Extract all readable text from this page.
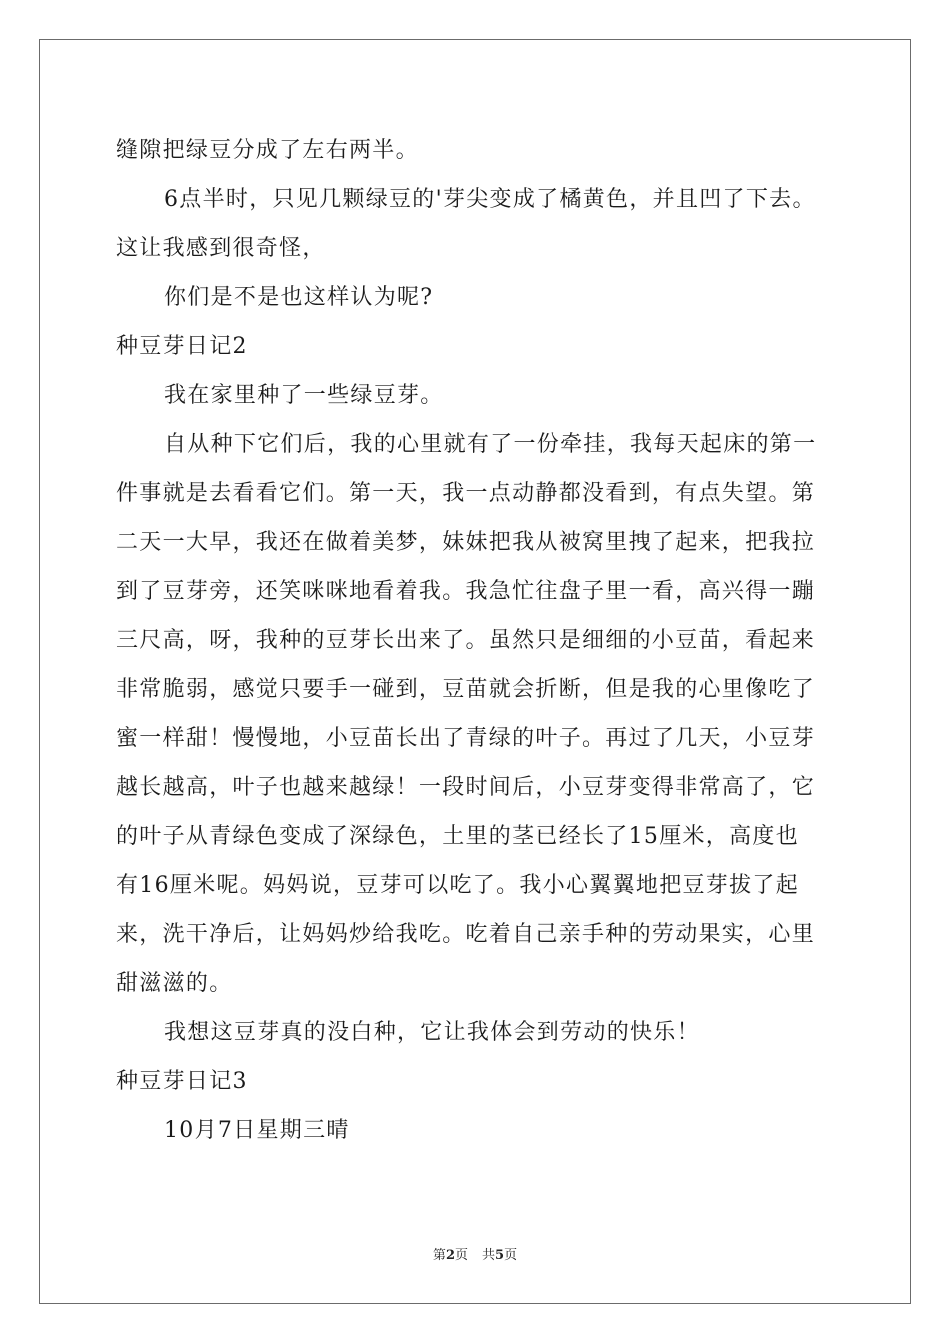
缝隙把绿豆分成了左右两半。
6点半时，只见几颗绿豆的'芽尖变成了橘黄色，并且凹了下去。
这让我感到很奇怪，
你们是不是也这样认为呢?
种豆芽日记2
我在家里种了一些绿豆芽。
自从种下它们后，我的心里就有了一份牵挂，我每天起床的第一
件事就是去看看它们。第一天，我一点动静都没看到，有点失望。第
二天一大早，我还在做着美梦，妹妹把我从被窝里拽了起来，把我拉
到了豆芽旁，还笑咪咪地看着我。我急忙往盘子里一看，高兴得一蹦
三尺高，呀，我种的豆芽长出来了。虽然只是细细的小豆苗，看起来
非常脆弱，感觉只要手一碰到，豆苗就会折断，但是我的心里像吃了
蜜一样甜！慢慢地，小豆苗长出了青绿的叶子。再过了几天，小豆芽
越长越高，叶子也越来越绿！一段时间后，小豆芽变得非常高了，它
的叶子从青绿色变成了深绿色，土里的茎已经长了15厘米，高度也
有16厘米呢。妈妈说，豆芽可以吃了。我小心翼翼地把豆芽拔了起
来，洗干净后，让妈妈炒给我吃。吃着自己亲手种的劳动果实，心里
甜滋滋的。
我想这豆芽真的没白种，它让我体会到劳动的快乐！
种豆芽日记3
10月7日星期三晴
第2页 共5页
